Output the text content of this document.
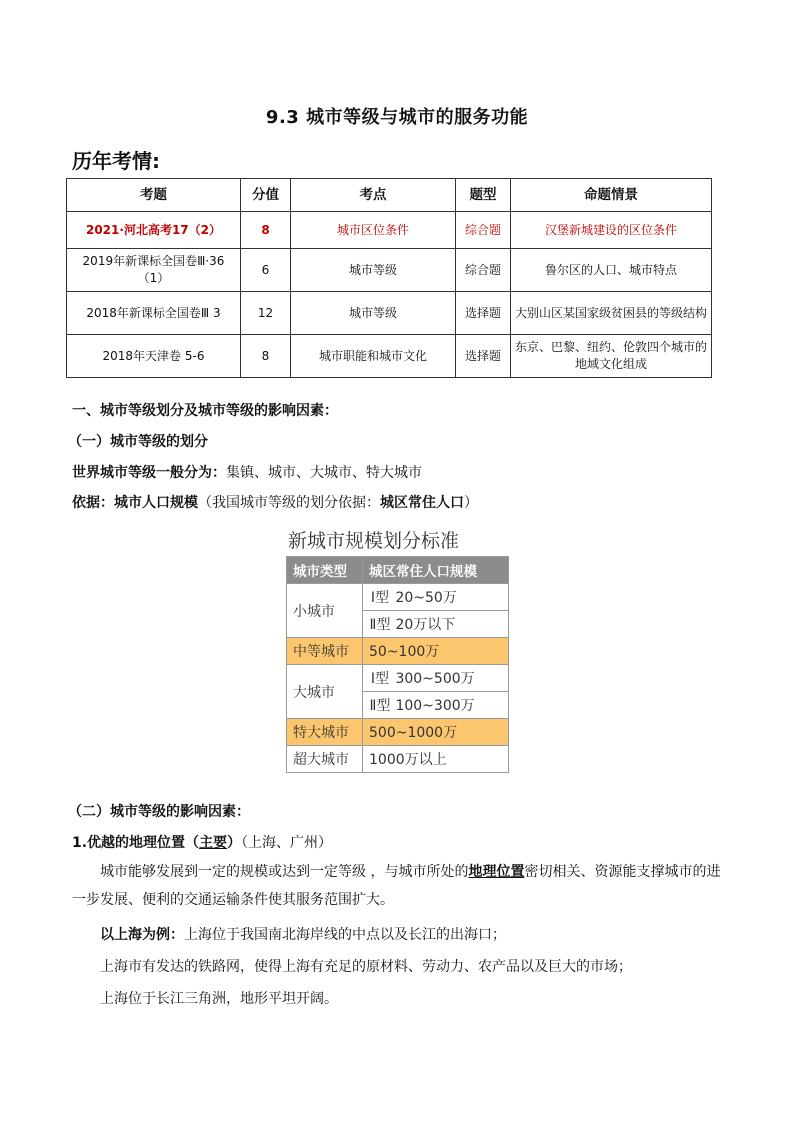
9.3 城市等级与城市的服务功能
历年考情:
考题	分值	考点	题型	命题情景
2021·河北高考17（2）	8	城市区位条件	综合题	汉堡新城建设的区位条件
2019年新课标全国卷Ⅲ·36（1）	6	城市等级	综合题	鲁尔区的人口、城市特点
2018年新课标全国卷Ⅲ 3	12	城市等级	选择题	大别山区某国家级贫困县的等级结构
2018年天津卷 5-6	8	城市职能和城市文化	选择题	东京、巴黎、纽约、伦敦四个城市的地域文化组成
一、城市等级划分及城市等级的影响因素：
（一）城市等级的划分
世界城市等级一般分为：集镇、城市、大城市、特大城市
依据：城市人口规模（我国城市等级的划分依据：城区常住人口）
新城市规模划分标准
城市类型	城区常住人口规模
小城市	Ⅰ型 20~50万
	Ⅱ型 20万以下
中等城市	50~100万
大城市	Ⅰ型 300~500万
	Ⅱ型 100~300万
特大城市	500~1000万
超大城市	1000万以上
（二）城市等级的影响因素：
1.优越的地理位置（主要）（上海、广州）
城市能够发展到一定的规模或达到一定等级 ，与城市所处的地理位置密切相关、资源能支撑城市的进一步发展、便利的交通运输条件使其服务范围扩大。
以上海为例：上海位于我国南北海岸线的中点以及长江的出海口；
上海市有发达的铁路网，使得上海有充足的原材料、劳动力、农产品以及巨大的市场；
上海位于长江三角洲，地形平坦开阔。
